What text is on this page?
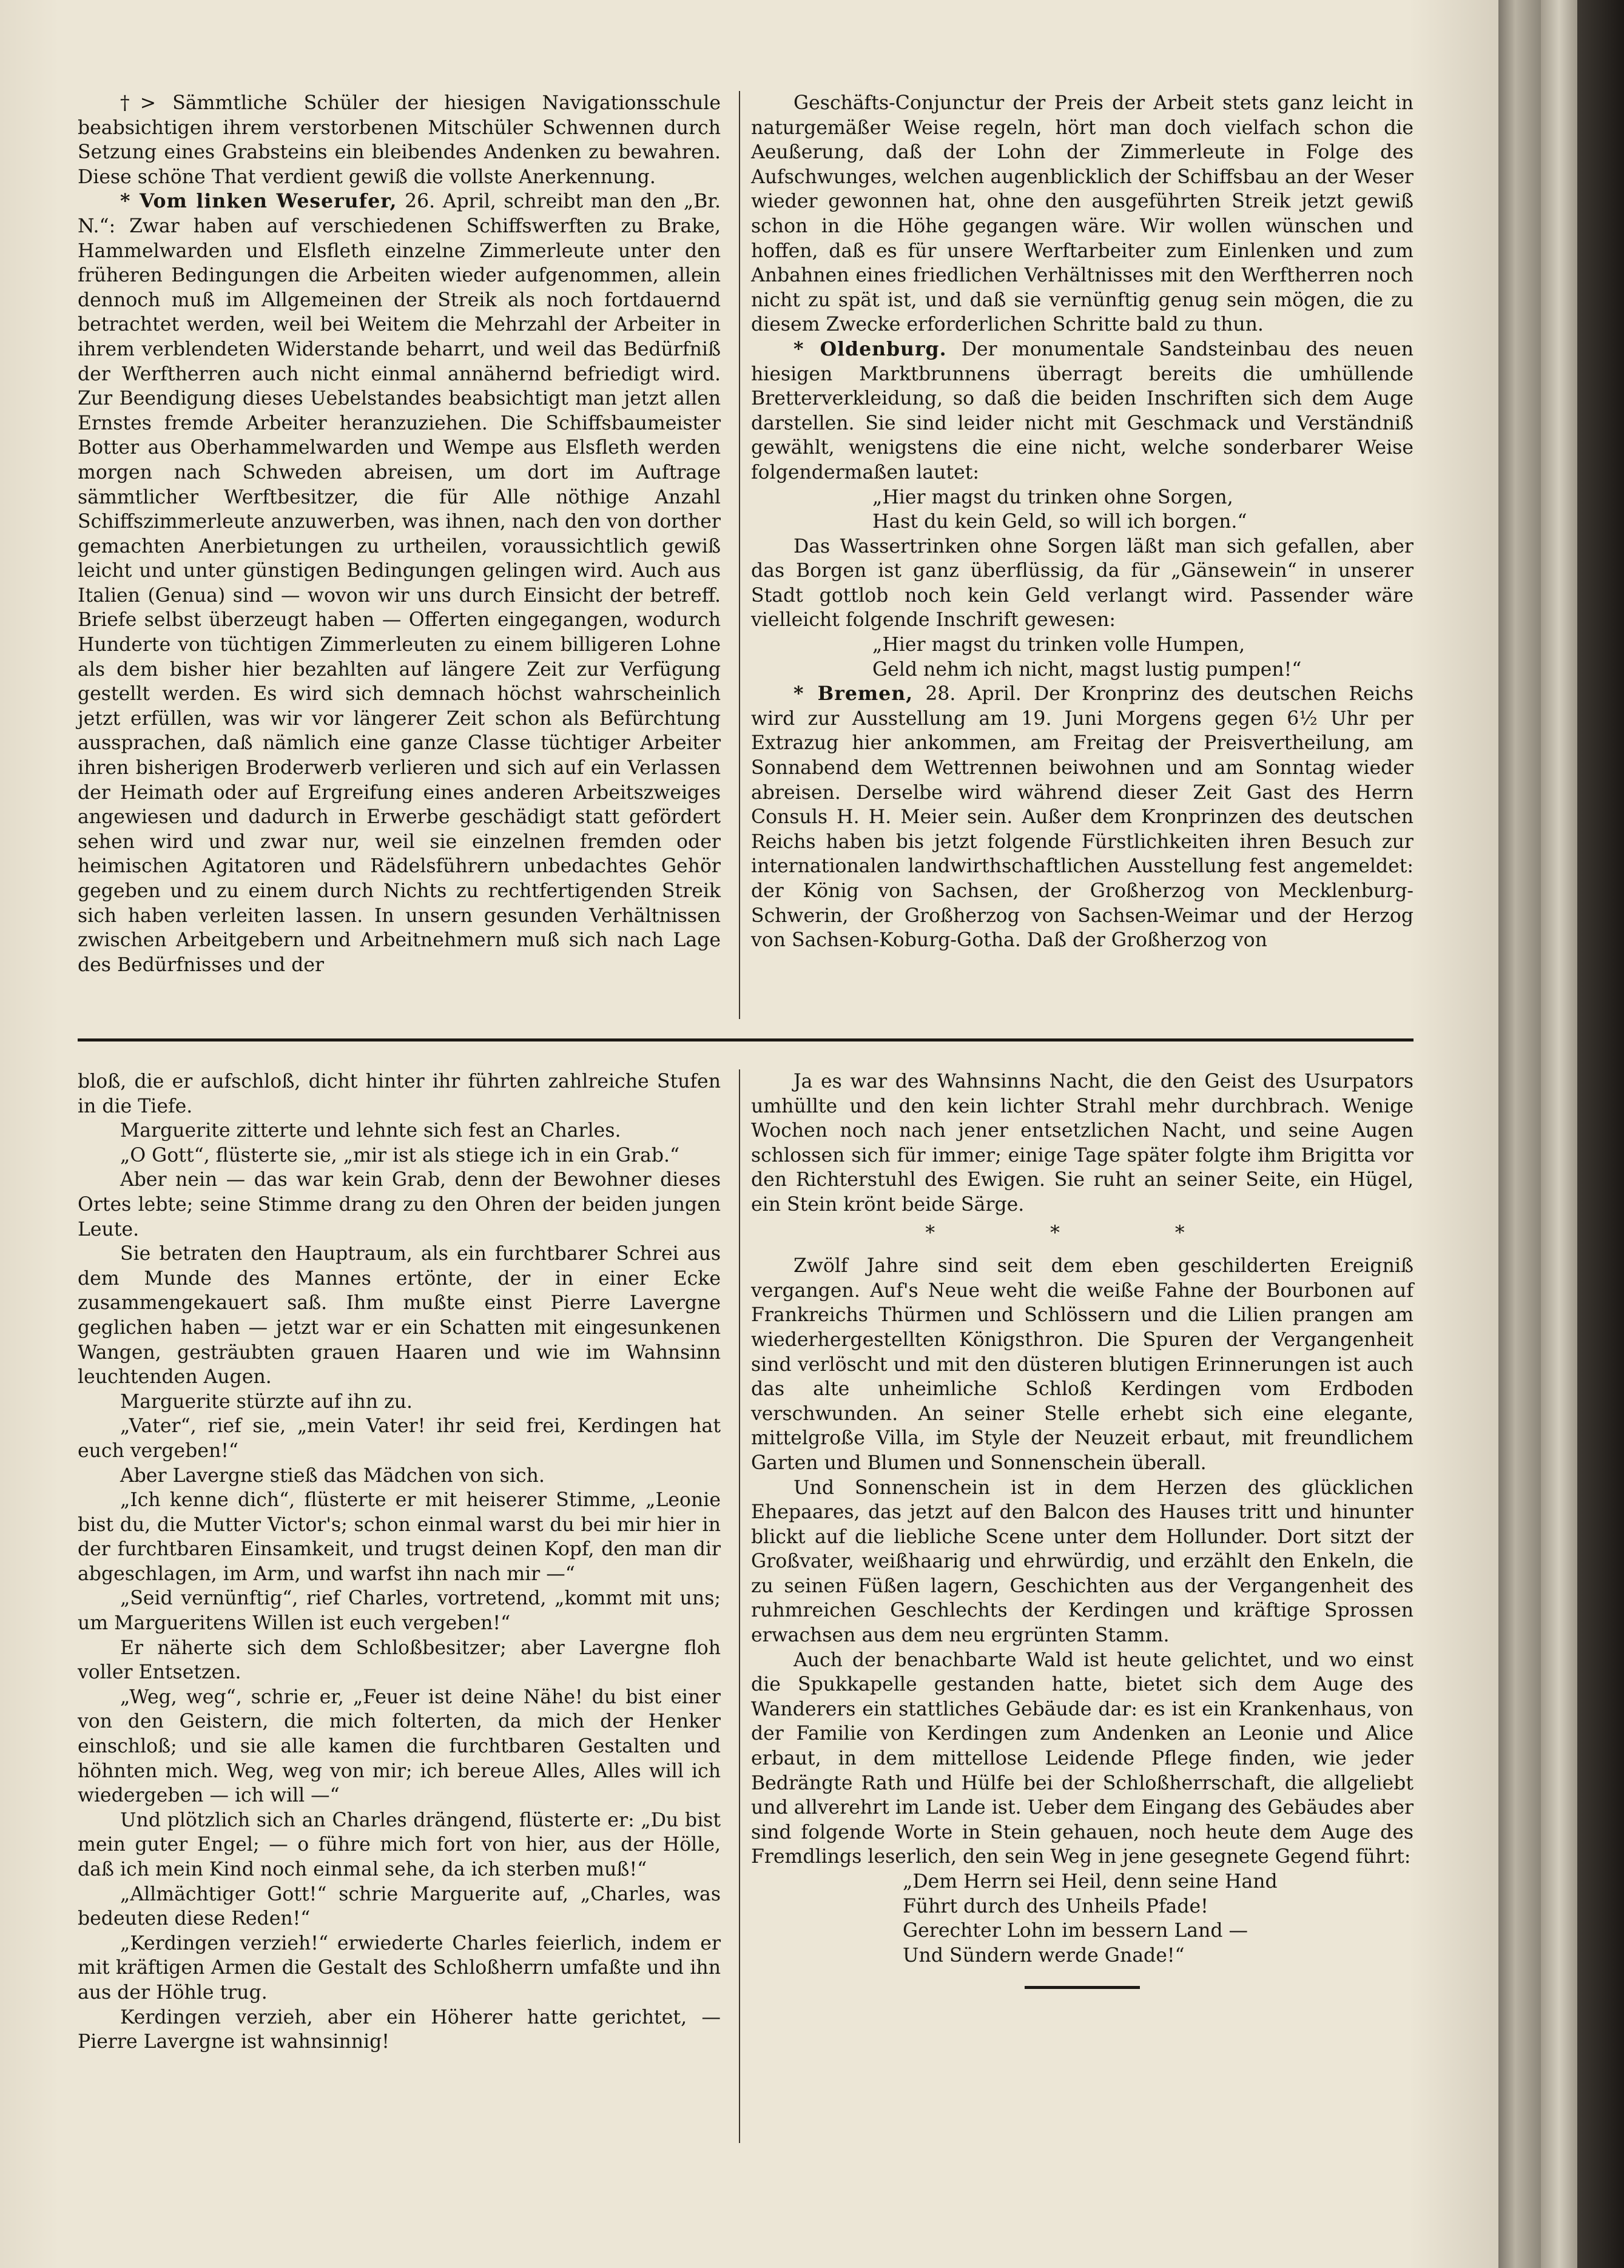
†> Sämmtliche Schüler der hiesigen Navigationsschule beabsichtigen ihrem verstorbenen Mitschüler Schwennen durch Setzung eines Grabsteins ein bleibendes Andenken zu bewahren. Diese schöne That verdient gewiß die vollste Anerkennung.

* Vom linken Weserufer, 26. April, schreibt man den „Br. N.“: Zwar haben auf verschiedenen Schiffswerften zu Brake, Hammelwarden und Elsfleth einzelne Zimmerleute unter den früheren Bedingungen die Arbeiten wieder aufgenommen, allein dennoch muß im Allgemeinen der Streik als noch fortdauernd betrachtet werden, weil bei Weitem die Mehrzahl der Arbeiter in ihrem verblendeten Widerstande beharrt, und weil das Bedürfniß der Werftherren auch nicht einmal annähernd befriedigt wird. Zur Beendigung dieses Uebelstandes beabsichtigt man jetzt allen Ernstes fremde Arbeiter heranzuziehen. Die Schiffsbaumeister Botter aus Oberhammelwarden und Wempe aus Elsfleth werden morgen nach Schweden abreisen, um dort im Auftrage sämmtlicher Werftbesitzer, die für Alle nöthige Anzahl Schiffszimmerleute anzuwerben, was ihnen, nach den von dorther gemachten Anerbietungen zu urtheilen, voraussichtlich gewiß leicht und unter günstigen Bedingungen gelingen wird. Auch aus Italien (Genua) sind — wovon wir uns durch Einsicht der betreff. Briefe selbst überzeugt haben — Offerten eingegangen, wodurch Hunderte von tüchtigen Zimmerleuten zu einem billigeren Lohne als dem bisher hier bezahlten auf längere Zeit zur Verfügung gestellt werden. Es wird sich demnach höchst wahrscheinlich jetzt erfüllen, was wir vor längerer Zeit schon als Befürchtung aussprachen, daß nämlich eine ganze Classe tüchtiger Arbeiter ihren bisherigen Broderwerb verlieren und sich auf ein Verlassen der Heimath oder auf Ergreifung eines anderen Arbeitszweiges angewiesen und dadurch in Erwerbe geschädigt statt gefördert sehen wird und zwar nur, weil sie einzelnen fremden oder heimischen Agitatoren und Rädelsführern unbedachtes Gehör gegeben und zu einem durch Nichts zu rechtfertigenden Streik sich haben verleiten lassen. In unsern gesunden Verhältnissen zwischen Arbeitgebern und Arbeitnehmern muß sich nach Lage des Bedürfnisses und der

Geschäfts-Conjunctur der Preis der Arbeit stets ganz leicht in naturgemäßer Weise regeln, hört man doch vielfach schon die Aeußerung, daß der Lohn der Zimmerleute in Folge des Aufschwunges, welchen augenblicklich der Schiffsbau an der Weser wieder gewonnen hat, ohne den ausgeführten Streik jetzt gewiß schon in die Höhe gegangen wäre. Wir wollen wünschen und hoffen, daß es für unsere Werftarbeiter zum Einlenken und zum Anbahnen eines friedlichen Verhältnisses mit den Werftherren noch nicht zu spät ist, und daß sie vernünftig genug sein mögen, die zu diesem Zwecke erforderlichen Schritte bald zu thun.

* Oldenburg. Der monumentale Sandsteinbau des neuen hiesigen Marktbrunnens überragt bereits die umhüllende Bretterverkleidung, so daß die beiden Inschriften sich dem Auge darstellen. Sie sind leider nicht mit Geschmack und Verständniß gewählt, wenigstens die eine nicht, welche sonderbarer Weise folgendermaßen lautet:

„Hier magst du trinken ohne Sorgen,

Hast du kein Geld, so will ich borgen.“

Das Wassertrinken ohne Sorgen läßt man sich gefallen, aber das Borgen ist ganz überflüssig, da für „Gänsewein“ in unserer Stadt gottlob noch kein Geld verlangt wird. Passender wäre vielleicht folgende Inschrift gewesen:

„Hier magst du trinken volle Humpen,

Geld nehm ich nicht, magst lustig pumpen!“

* Bremen, 28. April. Der Kronprinz des deutschen Reichs wird zur Ausstellung am 19. Juni Morgens gegen 6½ Uhr per Extrazug hier ankommen, am Freitag der Preisvertheilung, am Sonnabend dem Wettrennen beiwohnen und am Sonntag wieder abreisen. Derselbe wird während dieser Zeit Gast des Herrn Consuls H. H. Meier sein. Außer dem Kronprinzen des deutschen Reichs haben bis jetzt folgende Fürstlichkeiten ihren Besuch zur internationalen landwirthschaftlichen Ausstellung fest angemeldet: der König von Sachsen, der Großherzog von Mecklenburg-Schwerin, der Großherzog von Sachsen-Weimar und der Herzog von Sachsen-Koburg-Gotha. Daß der Großherzog von

bloß, die er aufschloß, dicht hinter ihr führten zahlreiche Stufen in die Tiefe.

Marguerite zitterte und lehnte sich fest an Charles.

„O Gott“, flüsterte sie, „mir ist als stiege ich in ein Grab.“

Aber nein — das war kein Grab, denn der Bewohner dieses Ortes lebte; seine Stimme drang zu den Ohren der beiden jungen Leute.

Sie betraten den Hauptraum, als ein furchtbarer Schrei aus dem Munde des Mannes ertönte, der in einer Ecke zusammengekauert saß. Ihm mußte einst Pierre Lavergne geglichen haben — jetzt war er ein Schatten mit eingesunkenen Wangen, gesträubten grauen Haaren und wie im Wahnsinn leuchtenden Augen.

Marguerite stürzte auf ihn zu.

„Vater“, rief sie, „mein Vater! ihr seid frei, Kerdingen hat euch vergeben!“

Aber Lavergne stieß das Mädchen von sich.

„Ich kenne dich“, flüsterte er mit heiserer Stimme, „Leonie bist du, die Mutter Victor's; schon einmal warst du bei mir hier in der furchtbaren Einsamkeit, und trugst deinen Kopf, den man dir abgeschlagen, im Arm, und warfst ihn nach mir —“

„Seid vernünftig“, rief Charles, vortretend, „kommt mit uns; um Margueritens Willen ist euch vergeben!“

Er näherte sich dem Schloßbesitzer; aber Lavergne floh voller Entsetzen.

„Weg, weg“, schrie er, „Feuer ist deine Nähe! du bist einer von den Geistern, die mich folterten, da mich der Henker einschloß; und sie alle kamen die furchtbaren Gestalten und höhnten mich. Weg, weg von mir; ich bereue Alles, Alles will ich wiedergeben — ich will —“

Und plötzlich sich an Charles drängend, flüsterte er: „Du bist mein guter Engel; — o führe mich fort von hier, aus der Hölle, daß ich mein Kind noch einmal sehe, da ich sterben muß!“

„Allmächtiger Gott!“ schrie Marguerite auf, „Charles, was bedeuten diese Reden!“

„Kerdingen verzieh!“ erwiederte Charles feierlich, indem er mit kräftigen Armen die Gestalt des Schloßherrn umfaßte und ihn aus der Höhle trug.

Kerdingen verzieh, aber ein Höherer hatte gerichtet, — Pierre Lavergne ist wahnsinnig!

Ja es war des Wahnsinns Nacht, die den Geist des Usurpators umhüllte und den kein lichter Strahl mehr durchbrach. Wenige Wochen noch nach jener entsetzlichen Nacht, und seine Augen schlossen sich für immer; einige Tage später folgte ihm Brigitta vor den Richterstuhl des Ewigen. Sie ruht an seiner Seite, ein Hügel, ein Stein krönt beide Särge.

* * *

Zwölf Jahre sind seit dem eben geschilderten Ereigniß vergangen. Auf's Neue weht die weiße Fahne der Bourbonen auf Frankreichs Thürmen und Schlössern und die Lilien prangen am wiederhergestellten Königsthron. Die Spuren der Vergangenheit sind verlöscht und mit den düsteren blutigen Erinnerungen ist auch das alte unheimliche Schloß Kerdingen vom Erdboden verschwunden. An seiner Stelle erhebt sich eine elegante, mittelgroße Villa, im Style der Neuzeit erbaut, mit freundlichem Garten und Blumen und Sonnenschein überall.

Und Sonnenschein ist in dem Herzen des glücklichen Ehepaares, das jetzt auf den Balcon des Hauses tritt und hinunter blickt auf die liebliche Scene unter dem Hollunder. Dort sitzt der Großvater, weißhaarig und ehrwürdig, und erzählt den Enkeln, die zu seinen Füßen lagern, Geschichten aus der Vergangenheit des ruhmreichen Geschlechts der Kerdingen und kräftige Sprossen erwachsen aus dem neu ergrünten Stamm.

Auch der benachbarte Wald ist heute gelichtet, und wo einst die Spukkapelle gestanden hatte, bietet sich dem Auge des Wanderers ein stattliches Gebäude dar: es ist ein Krankenhaus, von der Familie von Kerdingen zum Andenken an Leonie und Alice erbaut, in dem mittellose Leidende Pflege finden, wie jeder Bedrängte Rath und Hülfe bei der Schloßherrschaft, die allgeliebt und allverehrt im Lande ist. Ueber dem Eingang des Gebäudes aber sind folgende Worte in Stein gehauen, noch heute dem Auge des Fremdlings leserlich, den sein Weg in jene gesegnete Gegend führt:

„Dem Herrn sei Heil, denn seine Hand

Führt durch des Unheils Pfade!

Gerechter Lohn im bessern Land —

Und Sündern werde Gnade!“
